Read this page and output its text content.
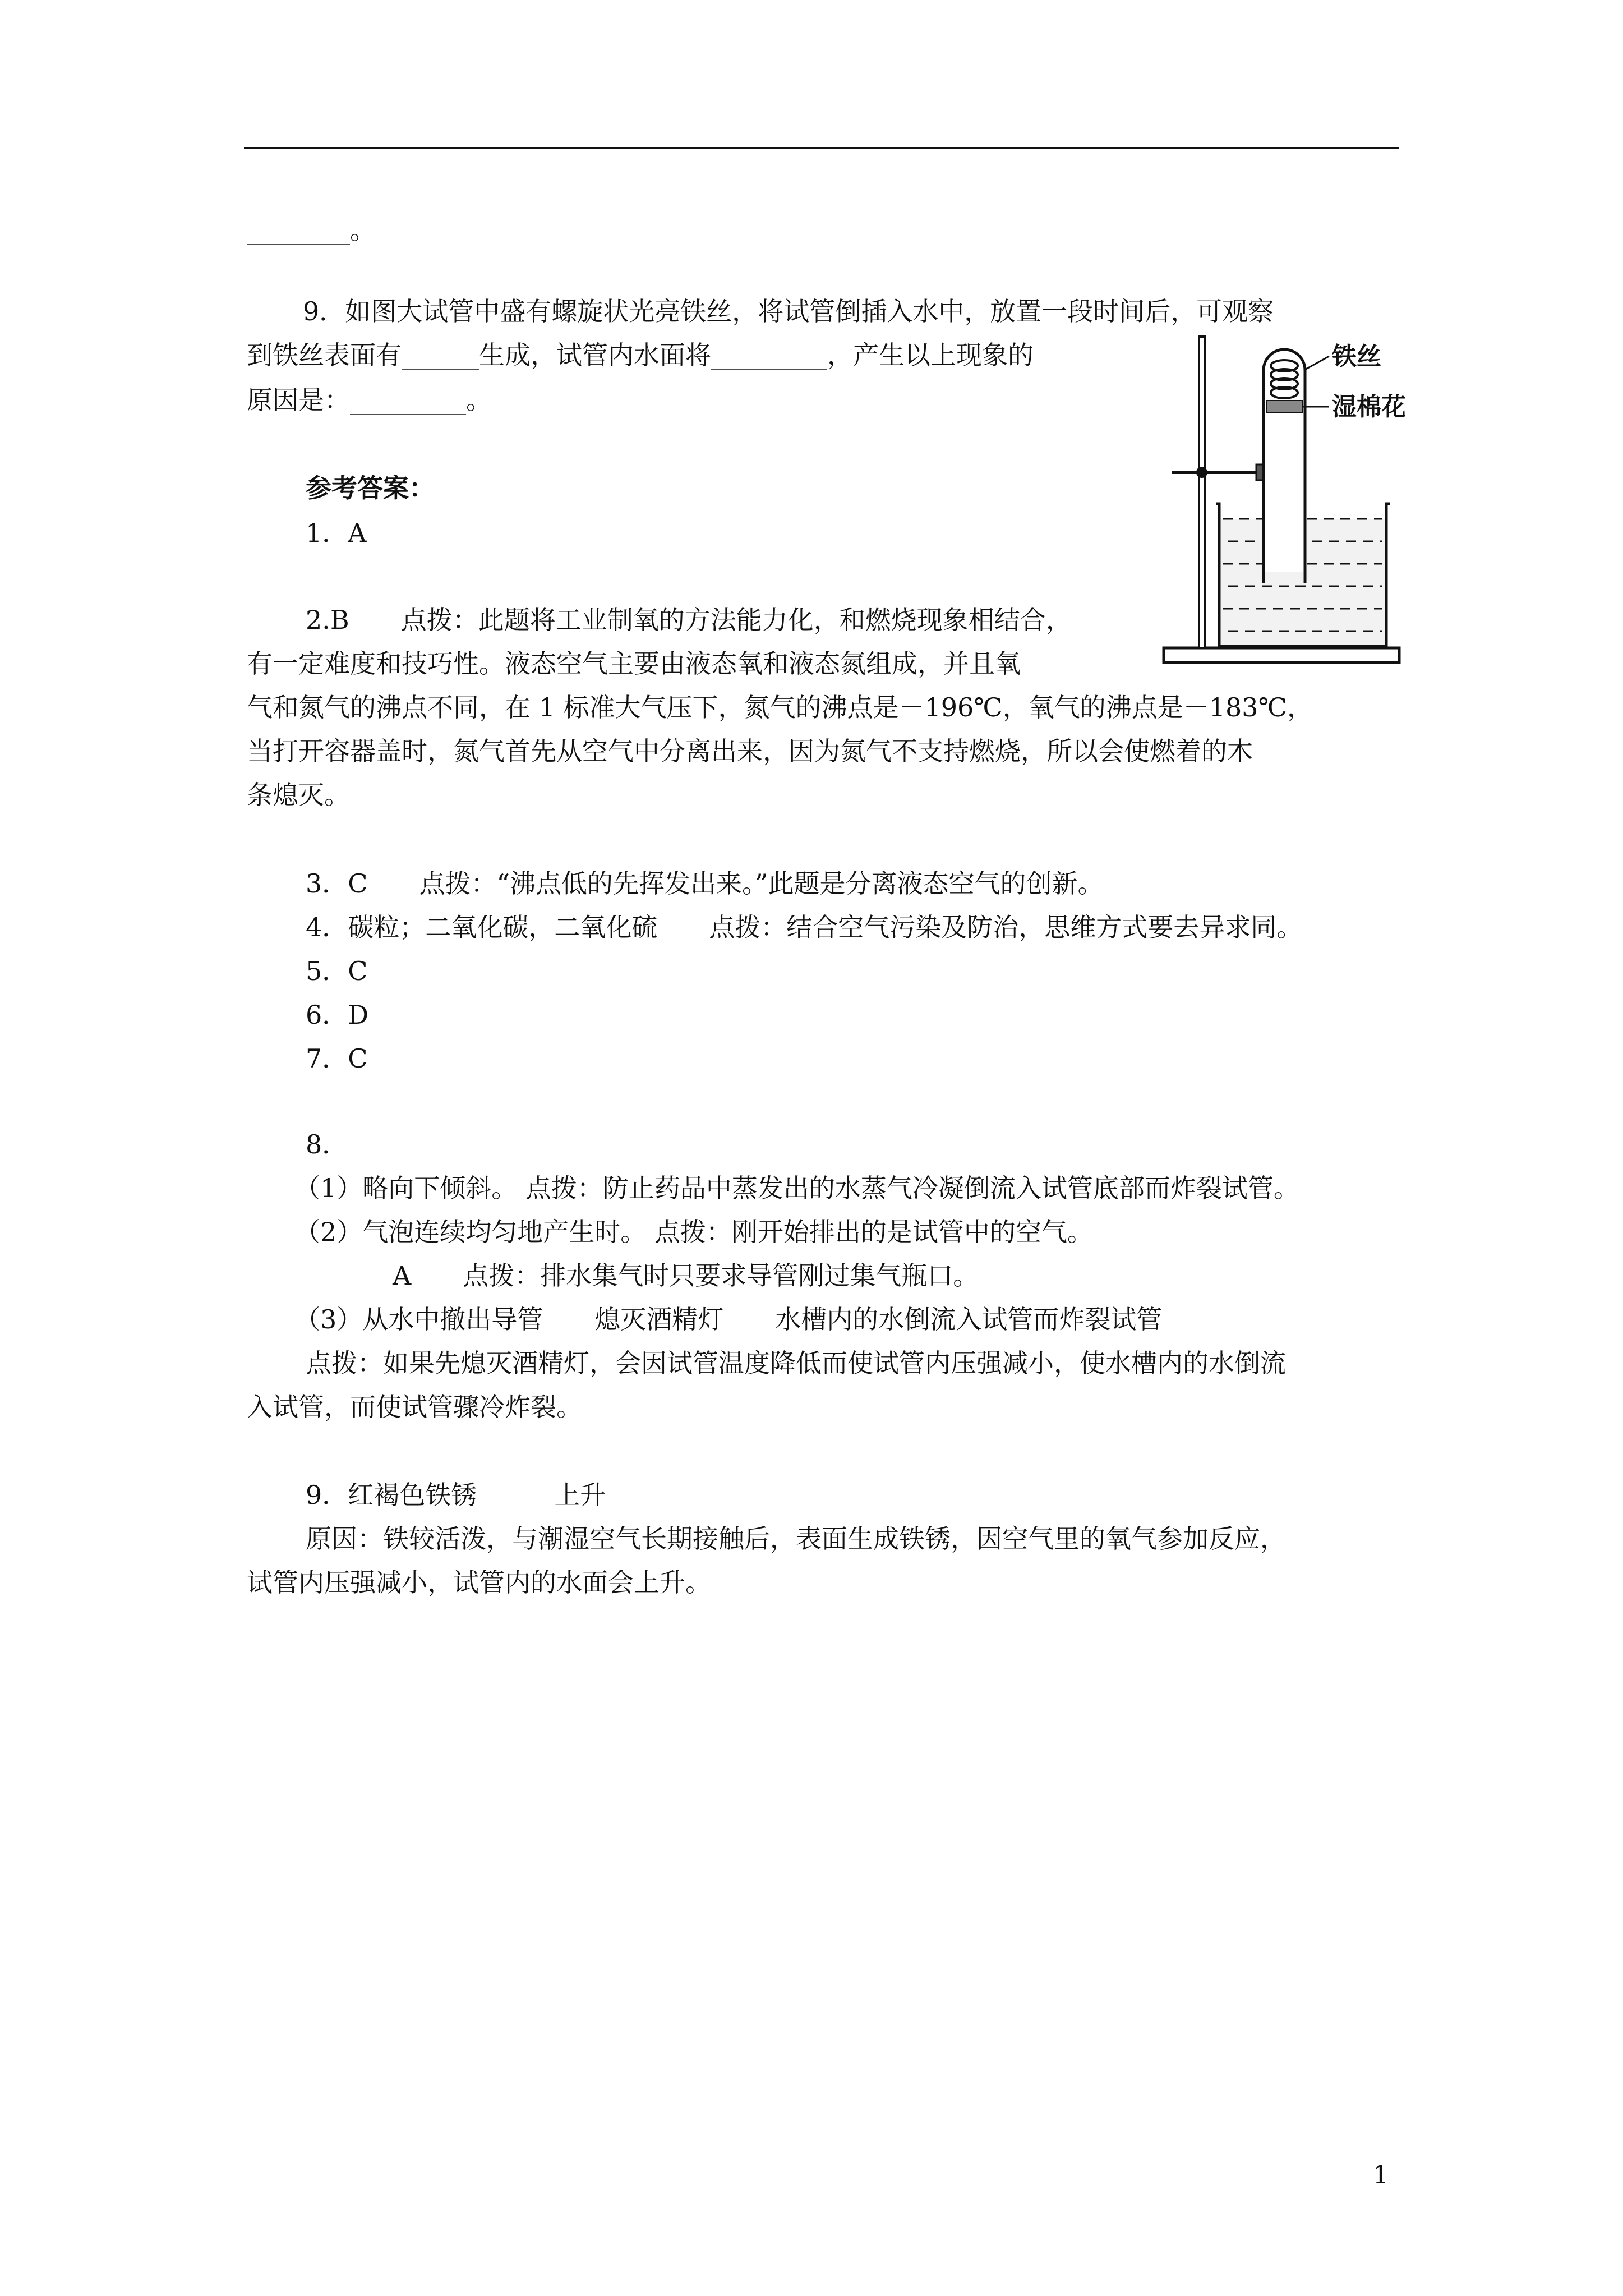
________。
9．如图大试管中盛有螺旋状光亮铁丝，将试管倒插入水中，放置一段时间后，可观察
到铁丝表面有______生成，试管内水面将_________，产生以上现象的
原因是：_________。
参考答案：
1．A
2.B　　点拨：此题将工业制氧的方法能力化，和燃烧现象相结合，
有一定难度和技巧性。液态空气主要由液态氧和液态氮组成，并且氧
气和氮气的沸点不同，在 1 标准大气压下，氮气的沸点是－196℃，氧气的沸点是－183℃，
当打开容器盖时，氮气首先从空气中分离出来，因为氮气不支持燃烧，所以会使燃着的木
条熄灭。
3．C　　点拨：“沸点低的先挥发出来。”此题是分离液态空气的创新。
4．碳粒；二氧化碳，二氧化硫　　点拨：结合空气污染及防治，思维方式要去异求同。
5．C
6．D
7．C
8．
（1）略向下倾斜。 点拨：防止药品中蒸发出的水蒸气冷凝倒流入试管底部而炸裂试管。
（2）气泡连续均匀地产生时。 点拨：刚开始排出的是试管中的空气。
A　　点拨：排水集气时只要求导管刚过集气瓶口。
（3）从水中撤出导管　　熄灭酒精灯　　水槽内的水倒流入试管而炸裂试管
点拨：如果先熄灭酒精灯，会因试管温度降低而使试管内压强减小，使水槽内的水倒流
入试管，而使试管骤冷炸裂。
9．红褐色铁锈　　　上升
原因：铁较活泼，与潮湿空气长期接触后，表面生成铁锈，因空气里的氧气参加反应，
试管内压强减小，试管内的水面会上升。
铁丝
湿棉花
1
